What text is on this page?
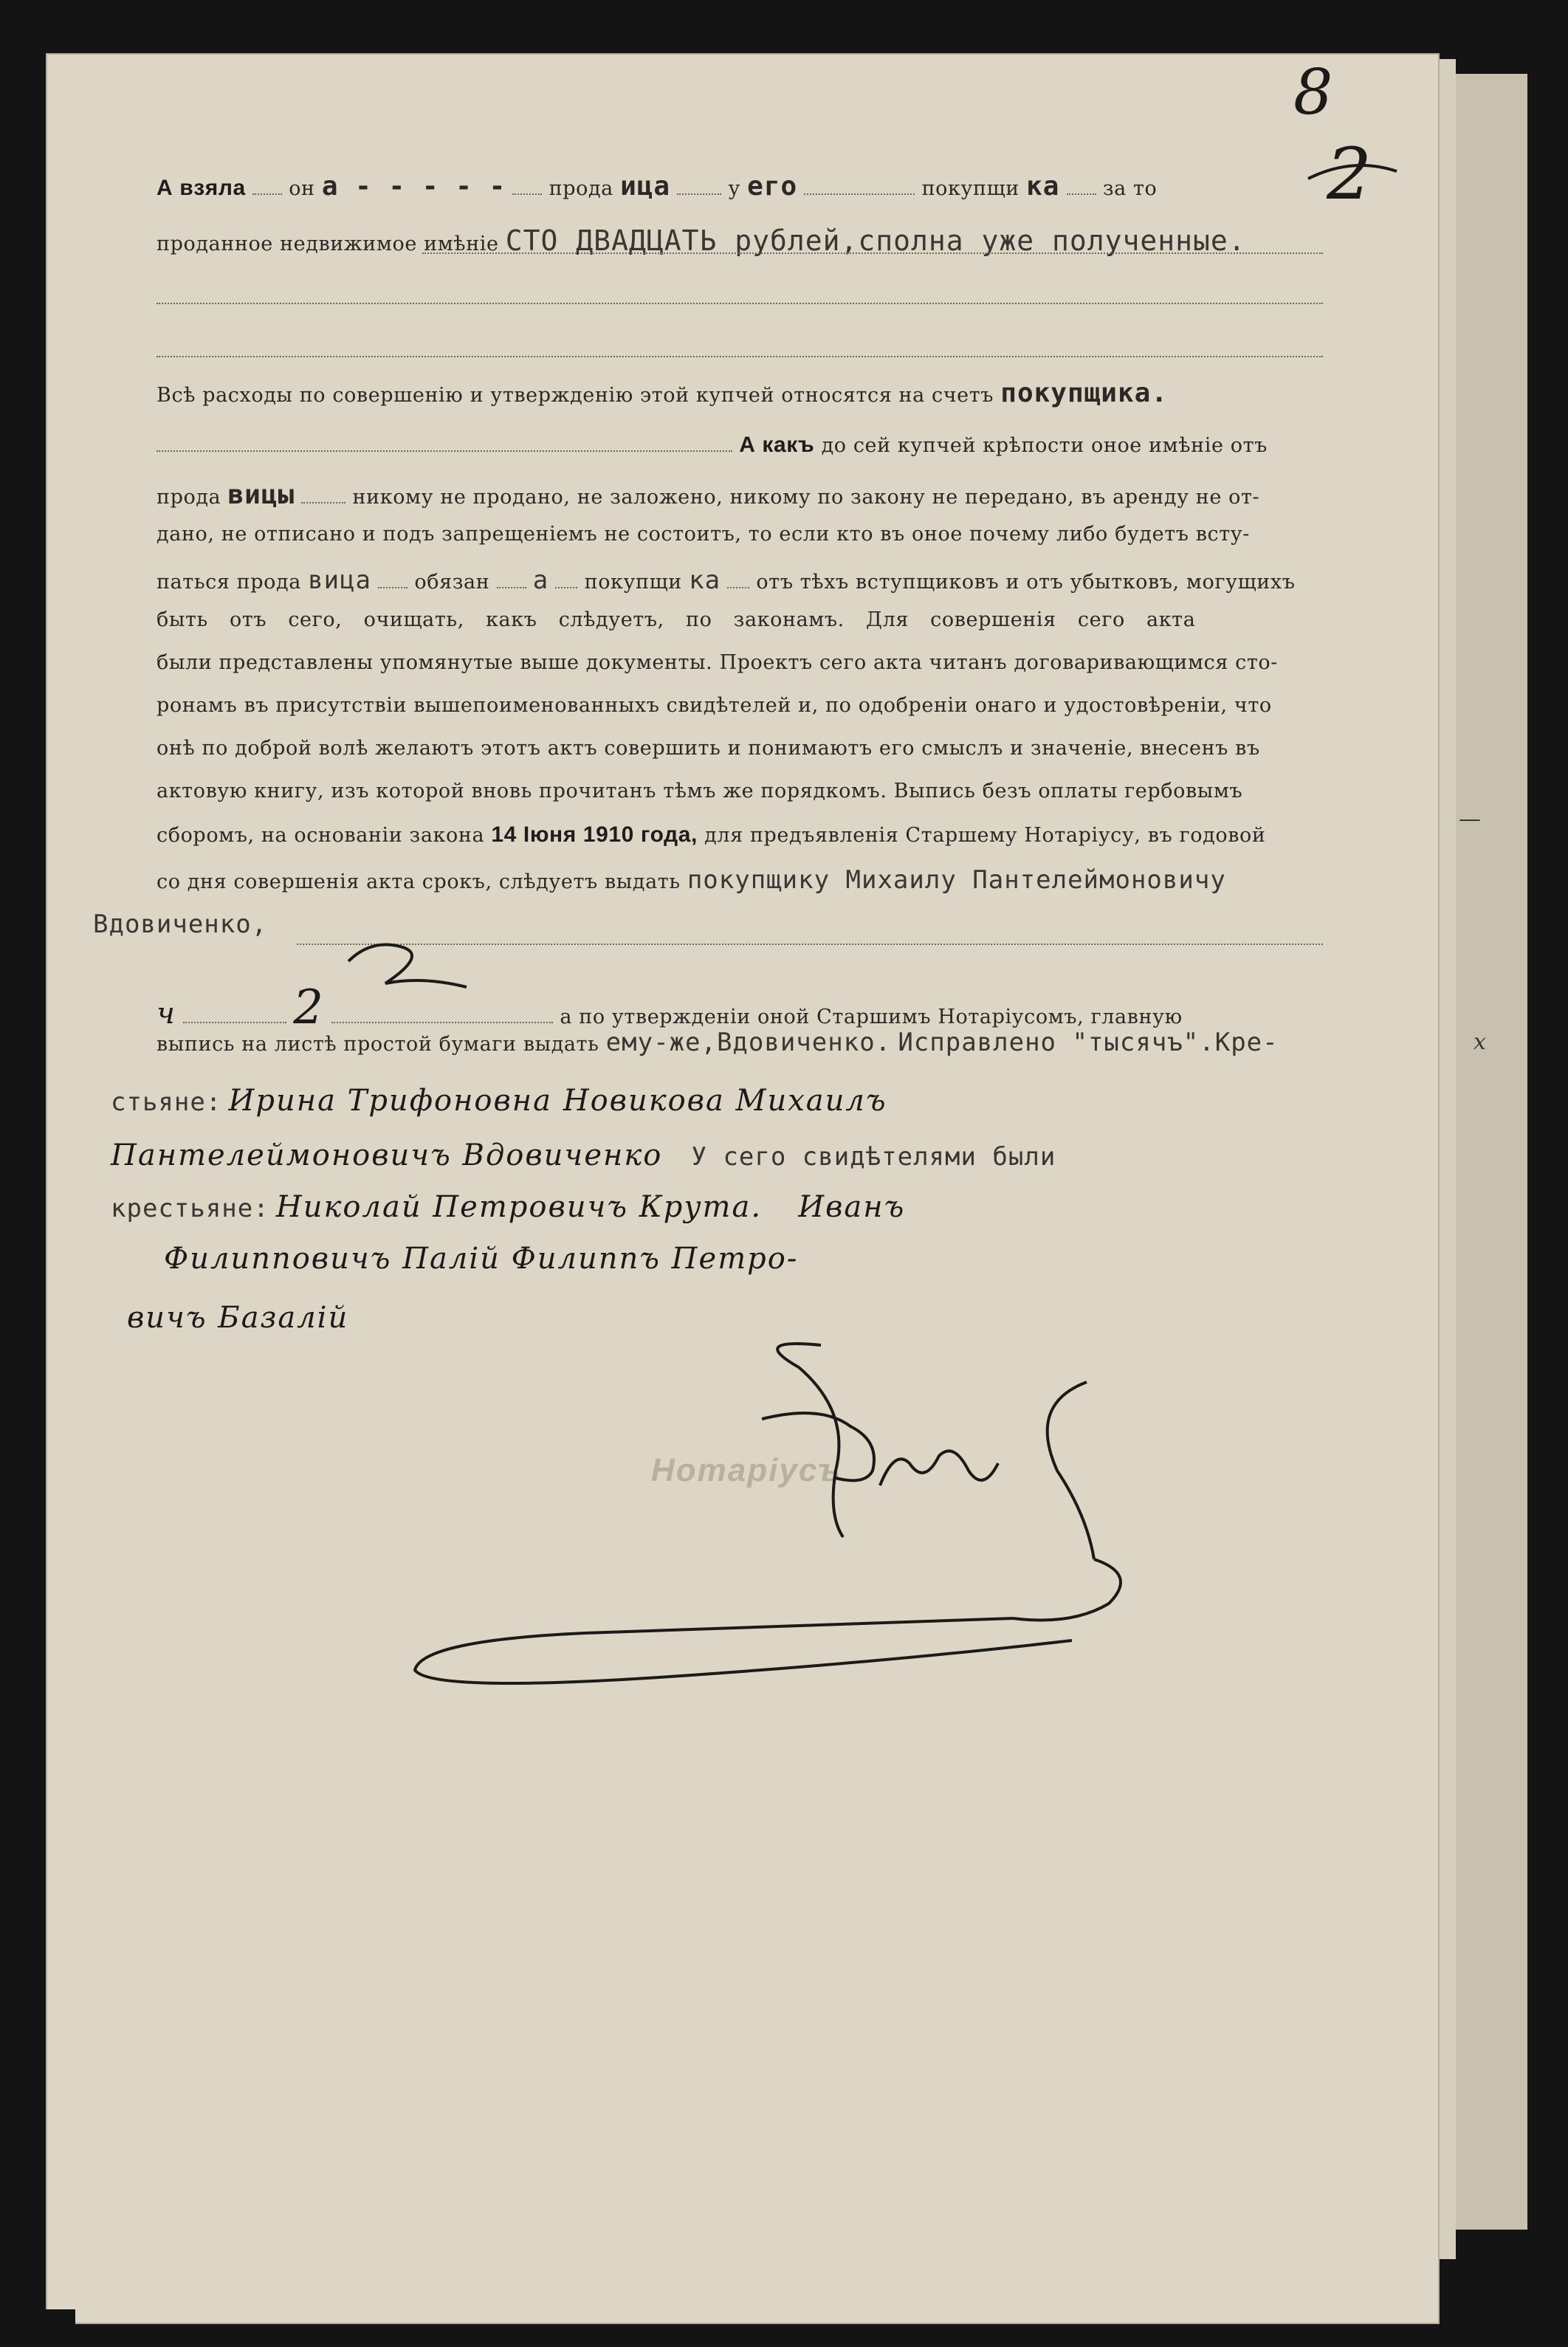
8
2
А взяла он а - - - - - прода ица	у его	покупщи ка за то
проданное недвижимое имѣніе СТО ДВАДЦАТЬ рублей,сполна уже полученные.
Всѣ расходы по совершенію и утвержденію этой купчей относятся на счетъ покупщика.
А какъ до сей купчей крѣпости оное имѣніе отъ
прода вицы	никому не продано, не заложено, никому по закону не передано, въ аренду не от-
дано, не отписано и подъ запрещеніемъ не состоитъ, то если кто въ оное почему либо будетъ всту-
паться прода вица обязан а покупщи ка отъ тѣхъ вступщиковъ и отъ убытковъ, могущихъ
быть отъ сего, очищать, какъ слѣдуетъ, по законамъ. Для совершенія сего акта
были представлены упомянутые выше документы. Проектъ сего акта читанъ договаривающимся сто-
ронамъ въ присутствіи вышепоименованныхъ свидѣтелей и, по одобреніи онаго и удостовѣреніи, что
онѣ по доброй волѣ желаютъ этотъ актъ совершить и понимаютъ его смыслъ и значеніе, внесенъ въ
актовую книгу, изъ которой вновь прочитанъ тѣмъ же порядкомъ. Выпись безъ оплаты гербовымъ
сборомъ, на основаніи закона 14 Іюня 1910 года, для предъявленія Старшему Нотаріусу, въ годовой
со дня совершенія акта срокъ, слѣдуетъ выдать покупщику Михаилу Пантелеймоновичу
Вдовиченко,
ч 2	а по утвержденіи оной Старшимъ Нотаріусомъ, главную
выпись на листѣ простой бумаги выдать ему-же,Вдовиченко. Исправлено "тысячъ".Кре-
стьяне: Ирина Трифоновна Новикова Михаилъ
Пантелеймоновичъ Вдовиченко У сего свидѣтелями были
крестьяне: Николай Петровичъ Крута. Иванъ
Филипповичъ Палій Филиппъ Петро-
вичъ Базалій
Нотаріусъ
—
x
